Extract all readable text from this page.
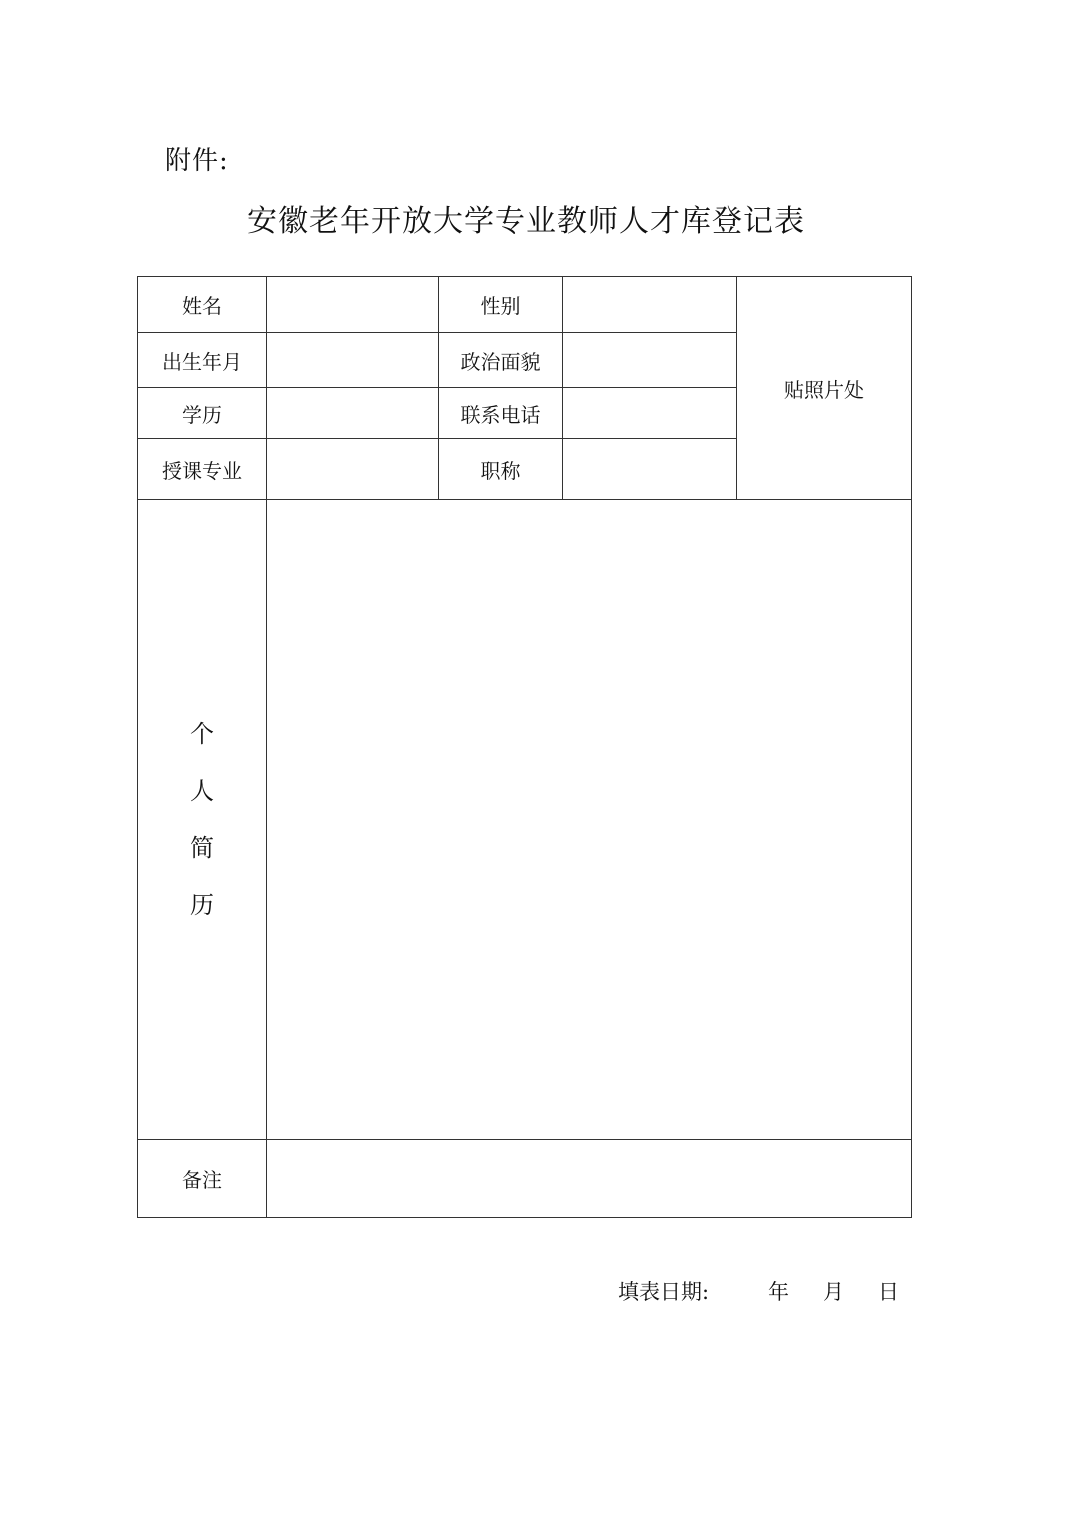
附件:
安徽老年开放大学专业教师人才库登记表
姓名		性别		贴照片处
出生年月		政治面貌		
学历		联系电话		
授课专业		职称		

个
人
简
历				

备注				
填表日期:	年 月 日
